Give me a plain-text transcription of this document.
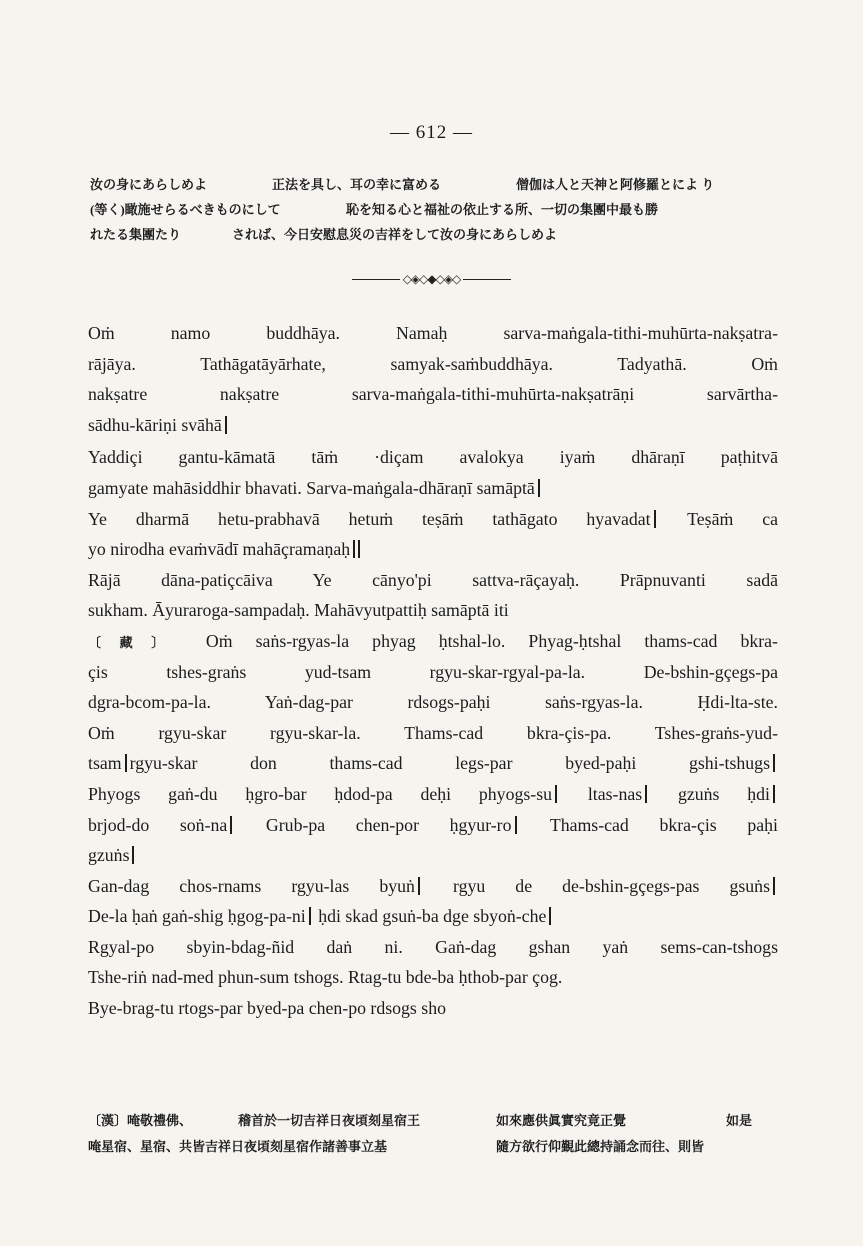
— 612 —
汝の身にあらしめよ	正法を具し、耳の幸に富める	僧伽は人と天神と阿修羅とによ り
(等く)瞰施せらるべきものにして	恥を知る心と福祉の依止する所、一切の集團中最も勝
れたる集團たり	されば、今日安慰息災の吉祥をして汝の身にあらしめよ
◇◈◇◆◇◈◇
Oṁ namo buddhāya. Namaḥ sarva-maṅgala-tithi-muhūrta-nakṣatra-
rājāya. Tathāgatāyārhate, samyak-saṁbuddhāya. Tadyathā. Oṁ
nakṣatre nakṣatre sarva-maṅgala-tithi-muhūrta-nakṣatrāṇi sarvārtha-
sādhu-kāriṇi svāhā
Yaddiçi gantu-kāmatā tāṁ ·diçam avalokya iyaṁ dhāraṇī paṭhitvā
gamyate mahāsiddhir bhavati. Sarva-maṅgala-dhāraṇī samāptā
Ye dharmā hetu-prabhavā hetuṁ teṣāṁ tathāgato hyavadat Teṣāṁ ca
yo nirodha evaṁvādī mahāçramaṇaḥ
Rājā dāna-patiçcāiva Ye cānyo'pi sattva-rāçayaḥ. Prāpnuvanti sadā
sukham. Āyuraroga-sampadaḥ. Mahāvyutpattiḥ samāptā iti
〔藏〕 Oṁ saṅs-rgyas-la phyag ḥtshal-lo. Phyag-ḥtshal thams-cad bkra-
çis tshes-graṅs yud-tsam rgyu-skar-rgyal-pa-la. De-bshin-gçegs-pa
dgra-bcom-pa-la. Yaṅ-dag-par rdsogs-paḥi saṅs-rgyas-la. Ḥdi-lta-ste.
Oṁ rgyu-skar rgyu-skar-la. Thams-cad bkra-çis-pa. Tshes-graṅs-yud-
tsam rgyu-skar don thams-cad legs-par byed-paḥi gshi-tshugs
Phyogs gaṅ-du ḥgro-bar ḥdod-pa deḥi phyogs-su ltas-nas gzuṅs ḥdi
brjod-do soṅ-na Grub-pa chen-por ḥgyur-ro Thams-cad bkra-çis paḥi
gzuṅs
Gan-dag chos-rnams rgyu-las byuṅ rgyu de de-bshin-gçegs-pas gsuṅs
De-la ḥaṅ gaṅ-shig ḥgog-pa-ni ḥdi skad gsuṅ-ba dge sbyoṅ-che
Rgyal-po sbyin-bdag-ñid daṅ ni. Gaṅ-dag gshan yaṅ sems-can-tshogs
Tshe-riṅ nad-med phun-sum tshogs. Rtag-tu bde-ba ḥthob-par çog.
Bye-brag-tu rtogs-par byed-pa chen-po rdsogs sho
〔漢〕唵敬禮佛、	稽首於一切吉祥日夜頃刻星宿王	如來應供眞實究竟正覺	如是
唵星宿、星宿、共皆吉祥日夜頃刻星宿作諸善事立基	隨方欲行仰覲此總持誦念而往、則皆
